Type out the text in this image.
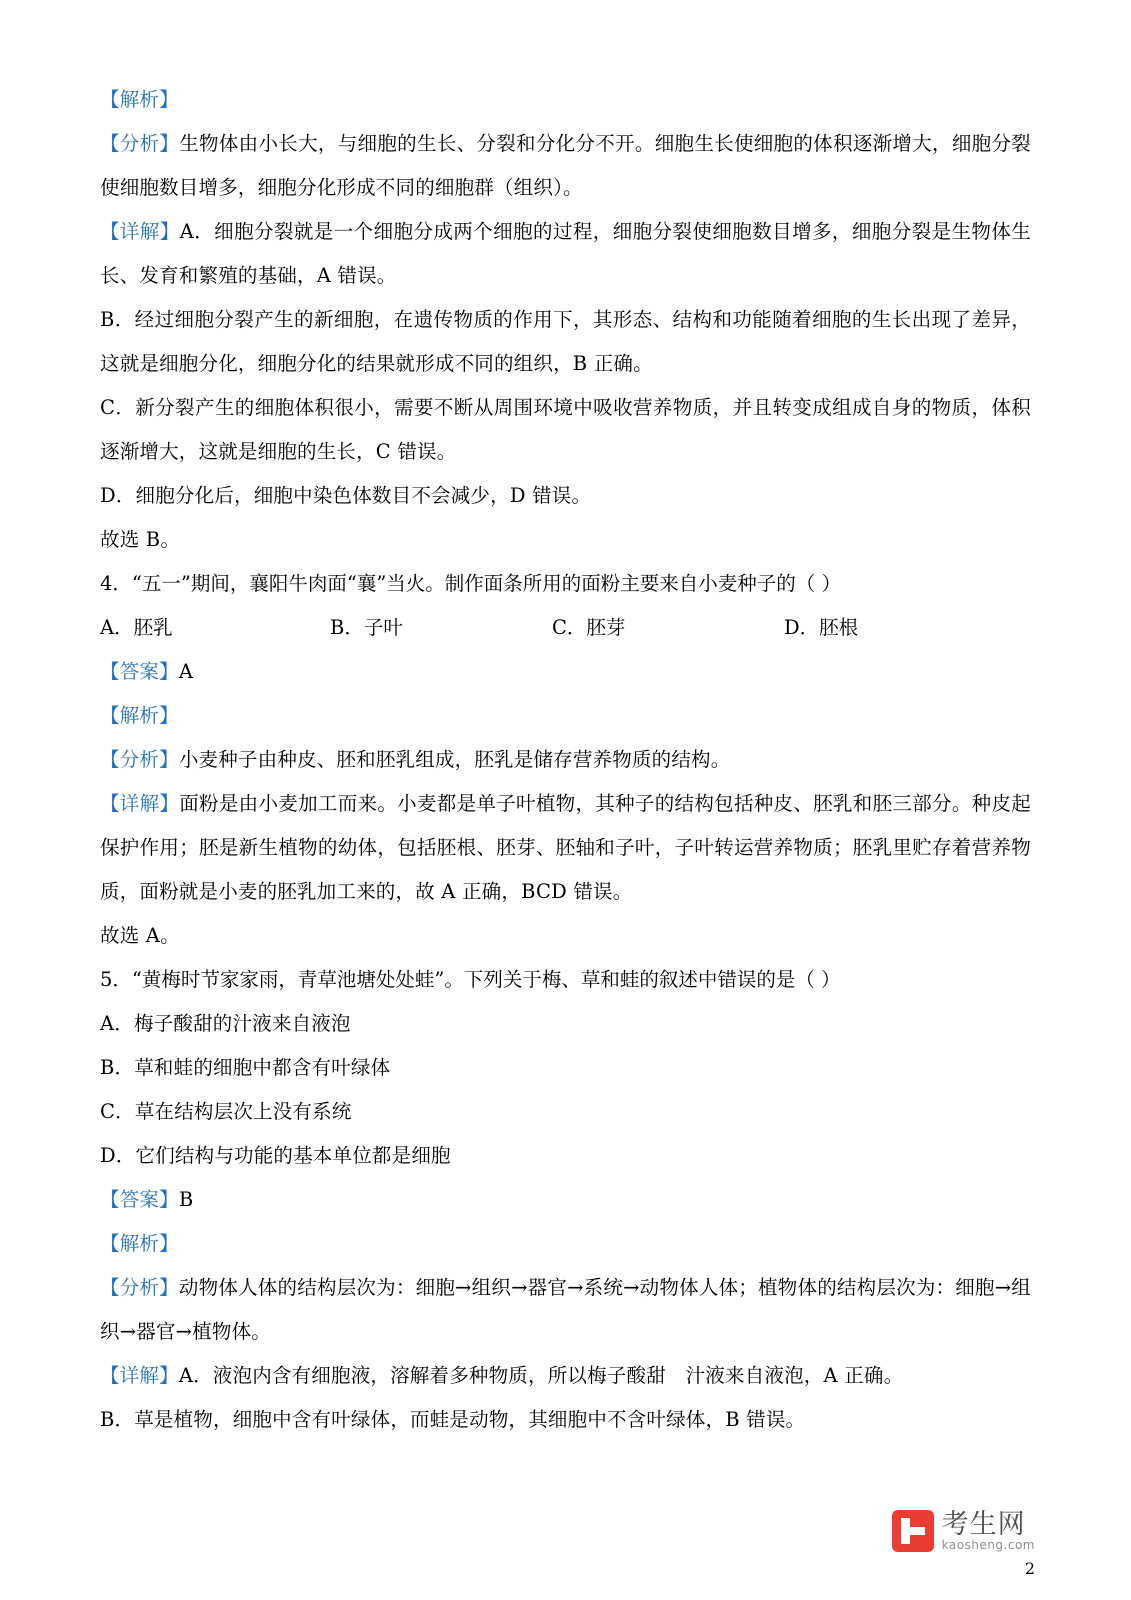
【解析】
【分析】生物体由小长大，与细胞的生长、分裂和分化分不开。细胞生长使细胞的体积逐渐增大，细胞分裂使细胞数目增多，细胞分化形成不同的细胞群（组织）。
【详解】A．细胞分裂就是一个细胞分成两个细胞的过程，细胞分裂使细胞数目增多，细胞分裂是生物体生长、发育和繁殖的基础，A 错误。
B．经过细胞分裂产生的新细胞，在遗传物质的作用下，其形态、结构和功能随着细胞的生长出现了差异，这就是细胞分化，细胞分化的结果就形成不同的组织，B 正确。
C．新分裂产生的细胞体积很小，需要不断从周围环境中吸收营养物质，并且转变成组成自身的物质，体积逐渐增大，这就是细胞的生长，C 错误。
D．细胞分化后，细胞中染色体数目不会减少，D 错误。
故选 B。
4．“五一”期间，襄阳牛肉面“襄”当火。制作面条所用的面粉主要来自小麦种子的（ ）
A．胚乳	B．子叶	C．胚芽	D．胚根
【答案】A
【解析】
【分析】小麦种子由种皮、胚和胚乳组成，胚乳是储存营养物质的结构。
【详解】面粉是由小麦加工而来。小麦都是单子叶植物，其种子的结构包括种皮、胚乳和胚三部分。种皮起保护作用；胚是新生植物的幼体，包括胚根、胚芽、胚轴和子叶，子叶转运营养物质；胚乳里贮存着营养物质，面粉就是小麦的胚乳加工来的，故 A 正确，BCD 错误。
故选 A。
5．“黄梅时节家家雨，青草池塘处处蛙”。下列关于梅、草和蛙的叙述中错误的是（ ）
A．梅子酸甜的汁液来自液泡
B．草和蛙的细胞中都含有叶绿体
C．草在结构层次上没有系统
D．它们结构与功能的基本单位都是细胞
【答案】B
【解析】
【分析】动物体人体的结构层次为：细胞→组织→器官→系统→动物体人体；植物体的结构层次为：细胞→组织→器官→植物体。
【详解】A．液泡内含有细胞液，溶解着多种物质，所以梅子酸甜　汁液来自液泡，A 正确。
B．草是植物，细胞中含有叶绿体，而蛙是动物，其细胞中不含叶绿体，B 错误。
考生网
kaosheng.com
2
